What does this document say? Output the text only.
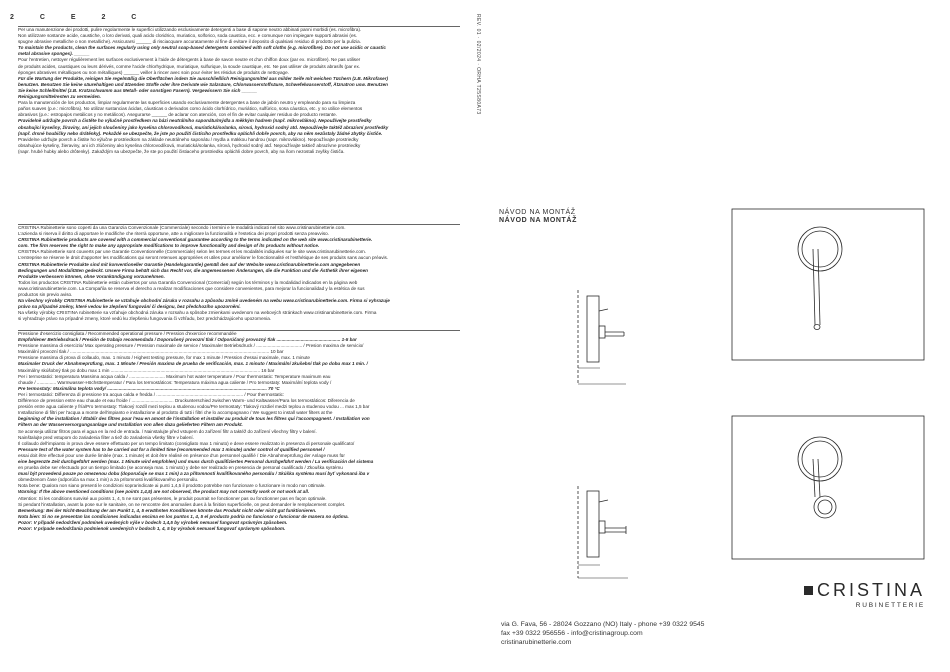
2 C E 2 C

Per una manutenzione dei prodotti, pulire regolarmente le superfici utilizzando esclusivamente detergenti a base di sapone neutro abbinati panni morbidi (es. microfibra).

Non utilizzare sostanze acide, caustiche, o loro derivati, quali acido cloridrico, muriatico, solforico, soda caustica, ecc. e comunque non impiegare supporti abrasivi (es.

spugne abrasive metalliche o non metalliche). Assicurarsi ______ di risciacquare accuratamente al fine di evitare il deposito di qualsiasi residuo di prodotto per la pulizia.

To maintain the products, clean the surfaces regularly using only neutral soap-based detergents combined with soft cloths (e.g. microfibre). Do not use acidic or caustic

metal abrasive sponges). ______

Pour l'entretien, nettoyer régulièrement les surfaces exclusivement à l'aide de détergents à base de savon neutre et d'un chiffon doux (par ex. microfibre). Ne pas utiliser

de produits acides, caustiques ou leurs dérivés, comme l'acide chlorhydrique, muriatique, sulfurique, la soude caustique, etc. Ne pas utiliser de produits abrasifs (par ex.

éponges abrasives métalliques ou non métalliques) ______ veiller à rincer avec soin pour éviter les résidus de produits de nettoyage.

Für die Wartung der Produkte, reinigen Sie regelmäßig die Oberflächen indem Sie ausschließlich Reinigungsmittel aus milder Seife mit weichen Tüchern (z.B. Mikrofaser)

benutzen. Benutzen Sie keine säurehaltigen und ätzenden Stoffe oder ihre Derivate wie Salzsäure, Chlorwasserstoffsäure, Schwefelwasserstoff, Ätznatron usw. Benutzen

Sie keine Schleifmittel (z.B. Kratzschwamm aus Metall- oder sonstigen Fasern). Vergewissern Sie sich ______

Reinigungsmittelresten zu vermeiden.

Para la manutención de los productos, limpiar regularmente las superficies usando exclusivamente detergentes a base de jabón neutro y empleando para su limpieza

paños suaves (p.e.: microfibra). No utilizar sustancias ácidas, cáusticas o derivados como ácido clorhídrico, muriático, sulfúrico, sosa cáustica, etc. y no utilice elementos

abrasivos (p.e.: estropajos metálicos y no metálicos). Asegurarse ______ de aclarar con atención, con el fin de evitar cualquier residuo de producto restante.

Pravidelně udržujte povrch a čistěte ho výlučně prostředkem na bázi neutrálního saponátu/mýdla a měkkým hadrem (např. mikrovlákno). Nepoužívejte prostředky

obsahující kyseliny, žíraviny, ani jejich sloučeniny jako kyselina chlorovodíková, muriatická/solanka, sírová, hydroxid sodný atd. Nepoužívejte taktéž abrazivní prostředky

(např. drsné houbičky nebo drátěnky). Pokaždé se ubezpečte, že jste po použití čisticího prostředku opláchli dobře povrch, aby na něm nezůstaly žádné zbytky čističe.

Pravidelne udržujte povrch a čistite ho výlučne prostriedkom na základe neutrálneho saponátu / mydla a mäkkou handrou (napr. mikrovlákno). Nepoužívajte prostriedky

obsahujúce kyseliny, žieraviny, ani ich zlúčeniny ako kyselina chlorovodíková, muriatická/solanka, sírová, hydroxid sodný atď. Nepoužívajte taktiež abrazívne prostriedky

(napr. hrubé hubky alebo drôtenky). Zakaždým sa ubezpečte, že ste po použití čistiaceho prostriedku opláchli dobre povrch, aby na ňom nezostali zvyšky čističa.

CRISTINA Rubinetterie sono coperti da una Garanzia Convenzionale (Commerciale) secondo i termini e le modalità indicati nel sito www.cristinarubinetterie.com.

L'azienda si riserva il diritto di apportare le modifiche che riterrà opportune, atte a migliorare la funzionalità e l'estetica dei propri prodotti senza preavviso.

CRISTINA Rubinetterie products are covered with a commercial conventional guarantee according to the terms indicated on the web site www.cristinarubinetterie.

com. The firm reserves the right to make any appropriate modifications to improve functionality and design of its products without notice.

CRISTINA Rubinetterie sont couverts par une Garantie Conventionnelle (Commerciale) selon les termes et les modalités indiquées sur le site www.cristinarubinetterie.com.

L'entreprise se réserve le droit d'apporter les modifications qui seront retenues appropriées et utiles pour améliorer le fonctionnalité et l'esthétique de ses produits sans aucun préavis.

CRISTINA Rubinetterie Produkte sind mit konventioneller Garantie (Handelsgarantie) gemäß den auf der Website www.cristinarubinetterie.com angegebenen

Bedingungen und Modalitäten gedeckt. Unsere Firma behält sich das Recht vor, die angemessenen Änderungen, die die Funktion und die Ästhetik ihrer eigenen

Produkte verbessern können, ohne Vorankündigung vorzunehmen.

Todos los productos CRISTINA Rubinetterie están cubiertos por una Garantía Convencional (Comercial) según los términos y la modalidad indicados en la página web

www.cristinarubinetterie.com. La Compañía se reserva el derecho a realizar modificaciones que considere convenientes, para mejorar la funcionalidad y la estética de sus

productos sin previo aviso.

Na všechny výrobky CRISTINA Rubinetterie se vztahuje obchodní záruka v rozsahu a způsobu zmíně uvedeném na webu www.cristinarubinetterie.com. Firma si vyhrazuje

právo na případné změny, které vedou ke zlepšení fungování či designu, bez předchozího upozornění.

Na všetky výrobky CRISTINA rubinetterie sa vzťahuje obchodná záruka v rozsahu a spôsobe zmienkami uvedenom na webových stránkach www.cristinarubinetterie.com. Firma

si vyhradzuje právo na prípadné zmeny, ktoré vedú ku zlepšeniu fungovania či vzhľadu, bez predchádzajúceho upozornenia.

Pressione d'esercizio consigliata / Recommended operational pressure / Pression d'exercice recommandée

Empfohlener Betriebsdruck / Presión de trabajo recomendada / Doporučený provozní tlak / Odporúčaný provozný tlak .................................................. 1-5 bar

Pressione massima di esercizio/ Max operating pressure / Pression maximale de service / Maximaler Betriebsdruck / .................................... / Presion maxima de servicio/

Maximální provozní tlak / ............................................................................................................................................................ 10 bar

Pressione massima di prova di collaudo, max. 1 minuto / Highest testing pressure, for max 1 minute / Pression d'essai maximale, max. 1 minute

Maximaler Druck der Abnahmeprüfung, max. 1 Minute / Presión maxima de prueba de verificación, max. 1 minuto / Maximální zkušební tlak po dobu max 1 min. /

Maximálny skúšobný tlak po dobu max 1 min ..................................................................................................................... 16 bar

Per i termostatici: temperatura Massima acqua calda / ............................ Maximum hot water temperature / Pour thermostatic: Temperature maximum eau

chaude / ............... Warmwasser-Höchsttemperatur / Para los termostáticos: Temperatura máxima agua caliente / Pro termostaty: Maximální teplota vody /

Pre termostaty: Maximálna teplota vody/ ............................................................................................................................. 70 °C

Per i termostatici: Differenza di pressione tra acqua calda e fredda / .................................................................... / Pour thermostatic:

Différence de pression entre eau chaude et eau froide / ................................. Druckunterschied zwischen Warm- und Kaltwasser/Para los termostáticos: Diferencia de

presión entre agua caliente y fría/Pro termostaty: Tlakový rozdíl mezi teplou a studenou vodou/Pre termostaty: Tlakový rozdiel medzi teplou a studenou vodou ... max 1,5 bar

Installazione di filtri per l'acqua a monte dell'impianto e installazione al prodotto di tutti i filtri che lo accompagnano / We suggest to install water filters at the

beginning of the installation / Établir des filtres pour l'eau en amont de l'installation et installer au produit de tous les filtres qui l'accompagnent. / Installation von

Filtern an der Wasserversorgungsanlage und Installation von allen dazu gelieferten Filtern am Produkt.

Se aconseja utilizar filtros para el agua en la red de entrada. / Nainstalujte před vstupem do zařízení filtr a taktéž do zařízení všechny filtry v balení.

Nainštalujte pred vstupom do zariadenia filter a tiež do zariadenia všetky filtre v balení.

Il collaudo dell'impianto in prova deve essere effettuato per un tempo limitato (consigliato max 1 minuto) e deve essere realizzato in presenza di personale qualificato/

Pressure test of the water system has to be carried out for a limited time (recommended max 1 minute) under control of qualified personnel /

essai doit être effectué pour une durée limitée (max. 1 minute) et doit être réalisé en présence d'un personnel qualifié / Die Abnahmeprüfung der Anlage muss für

eine begrenzte Zeit durchgeführt werden (max. 1 Minute wird empfohlen) und muss durch qualifiziertes Personal durchgeführt werden / La verificación del sistema

en prueba debe ser efectuado por un tiempo limitado (se aconseja max. 1 minuto) y debe ser realizado en presencia de personal cualificado / Zkouška systému

musí být provedená pouze po omezenou dobu (doporučuje se max 1 min) a za přítomnosti kvalifikovaného personálu / Skúška systému musí byť vykonaná iba v

obmedzenom čase (odporúča sa max 1 min) a za prítomnosti kvalifikovaného personálu.

Nota bene: Qualora non siano presenti le condizioni soprarindicate ai punti 1,4,5 il prodotto potrebbe non funzionare o funzionare in modo non ottimale.

Warning: If the above mentioned conditions (see points 1,4,5) are not observed, the product may not correctly work or not work at all.

Attention: Si les conditions susvisé aux points 1, 4, 5 ne sont pas présentes, le produit pourrait ne fonctionner pas ou fonctionner pas en façon optimale.

Si pendant l'installation, avant la pose sur le sanitaire, on ne rencontre des anomalies dues à la finition superficielle, on peut demander le remplacement complet.

Bemerkung: Bei der Nicht-Beachtung der am Punkt 1, 4, 5 erwähnten Konditionen könnte das Produkt nicht oder nicht gut funktionieren.

Nota bien: Si no se presentan las condiciones indicadas encima en los puntos 1, 4, 5 el producto podría no funcionar o funcionar de manera no óptima.

Pozor: V případě nedodržení podmínek uvedených výše v bodech 1,4,5 by výrobek nemusel fungovat správným způsobem.

Pozor: V prípade nedodržania podmienok uvedených v bodoch 1, 4, 5 by výrobok nemusel fungovať správnym spôsobom.

REV. 01 · 02/2024 · ORHA T25S80A73
NÁVOD NA MONTÁŽ
NÁVOD NA MONTÁŽ
CRISTINA
RUBINETTERIE
via G. Fava, 56 - 28024 Gozzano (NO) Italy - phone +39 0322 9545
fax +39 0322 956556 - info@cristinagroup.com
cristinarubinetterie.com
